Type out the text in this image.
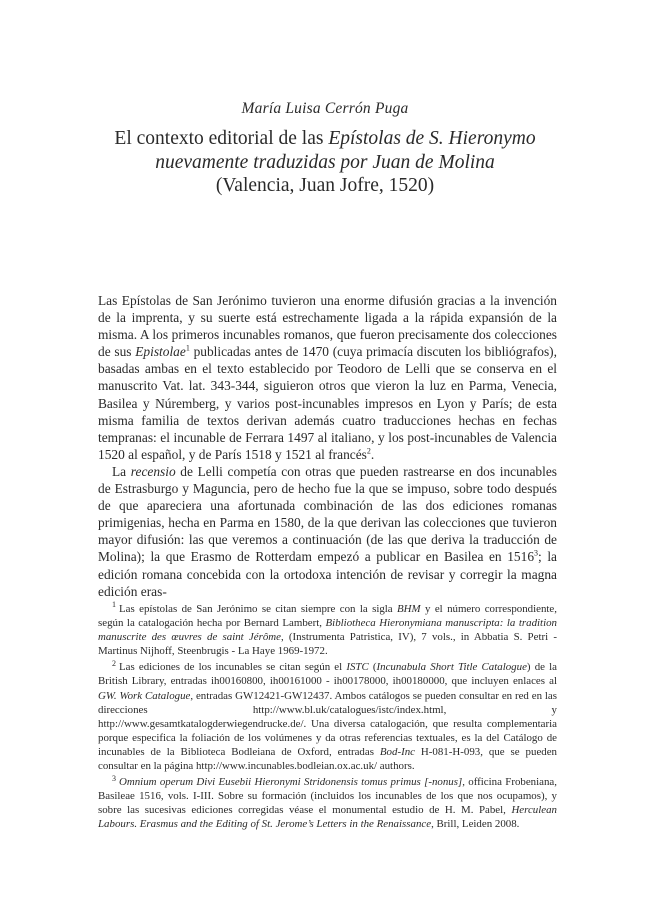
María Luisa Cerrón Puga
El contexto editorial de las Epístolas de S. Hieronymo
nuevamente traduzidas por Juan de Molina
(Valencia, Juan Jofre, 1520)

Las Epístolas de San Jerónimo tuvieron una enorme difusión gracias a la invención de la imprenta, y su suerte está estrechamente ligada a la rápida expansión de la misma. A los primeros incunables romanos, que fueron precisamente dos colecciones de sus Epistolae$^1$ publicadas antes de 1470 (cuya primacía discuten los bibliógrafos), basadas ambas en el texto establecido por Teodoro de Lelli que se conserva en el manuscrito Vat. lat. 343-344, siguieron otros que vieron la luz en Parma, Venecia, Basilea y Núremberg, y varios post-incunables impresos en Lyon y París; de esta misma familia de textos derivan además cuatro traducciones hechas en fechas tempranas: el incunable de Ferrara 1497 al italiano, y los post-incunables de Valencia 1520 al español, y de París 1518 y 1521 al francés$^2$.

La recensio de Lelli competía con otras que pueden rastrearse en dos incunables de Estrasburgo y Maguncia, pero de hecho fue la que se impuso, sobre todo después de que apareciera una afortunada combinación de las dos ediciones romanas primigenias, hecha en Parma en 1580, de la que derivan las colecciones que tuvieron mayor difusión: las que veremos a continuación (de las que deriva la traducción de Molina); la que Erasmo de Rotterdam empezó a publicar en Basilea en 1516$^3$; la edición romana concebida con la ortodoxa intención de revisar y corregir la magna edición eras-

$^1$ Las epístolas de San Jerónimo se citan siempre con la sigla BHM y el número correspondiente, según la catalogación hecha por Bernard Lambert, Bibliotheca Hieronymiana manuscripta: la tradition manuscrite des œuvres de saint Jérôme, (Instrumenta Patristica, IV), 7 vols., in Abbatia S. Petri - Martinus Nijhoff, Steenbrugis - La Haye 1969-1972.

$^2$ Las ediciones de los incunables se citan según el ISTC (Incunabula Short Title Catalogue) de la British Library, entradas ih00160800, ih00161000 - ih00178000, ih00180000, que incluyen enlaces al GW. Work Catalogue, entradas GW12421-GW12437. Ambos catálogos se pueden consultar en red en las direcciones http://www.bl.uk/catalogues/istc/index.html, y http://www.gesamtkatalogderwiegendrucke.de/. Una diversa catalogación, que resulta complementaria porque especifica la foliación de los volúmenes y da otras referencias textuales, es la del Catálogo de incunables de la Biblioteca Bodleiana de Oxford, entradas Bod-Inc H-081-H-093, que se pueden consultar en la página http://www.incunables.bodleian.ox.ac.uk/ authors.

$^3$ Omnium operum Divi Eusebii Hieronymi Stridonensis tomus primus [-nonus], officina Frobeniana, Basileae 1516, vols. I-III. Sobre su formación (incluidos los incunables de los que nos ocupamos), y sobre las sucesivas ediciones corregidas véase el monumental estudio de H. M. Pabel, Herculean Labours. Erasmus and the Editing of St. Jerome’s Letters in the Renaissance, Brill, Leiden 2008.
